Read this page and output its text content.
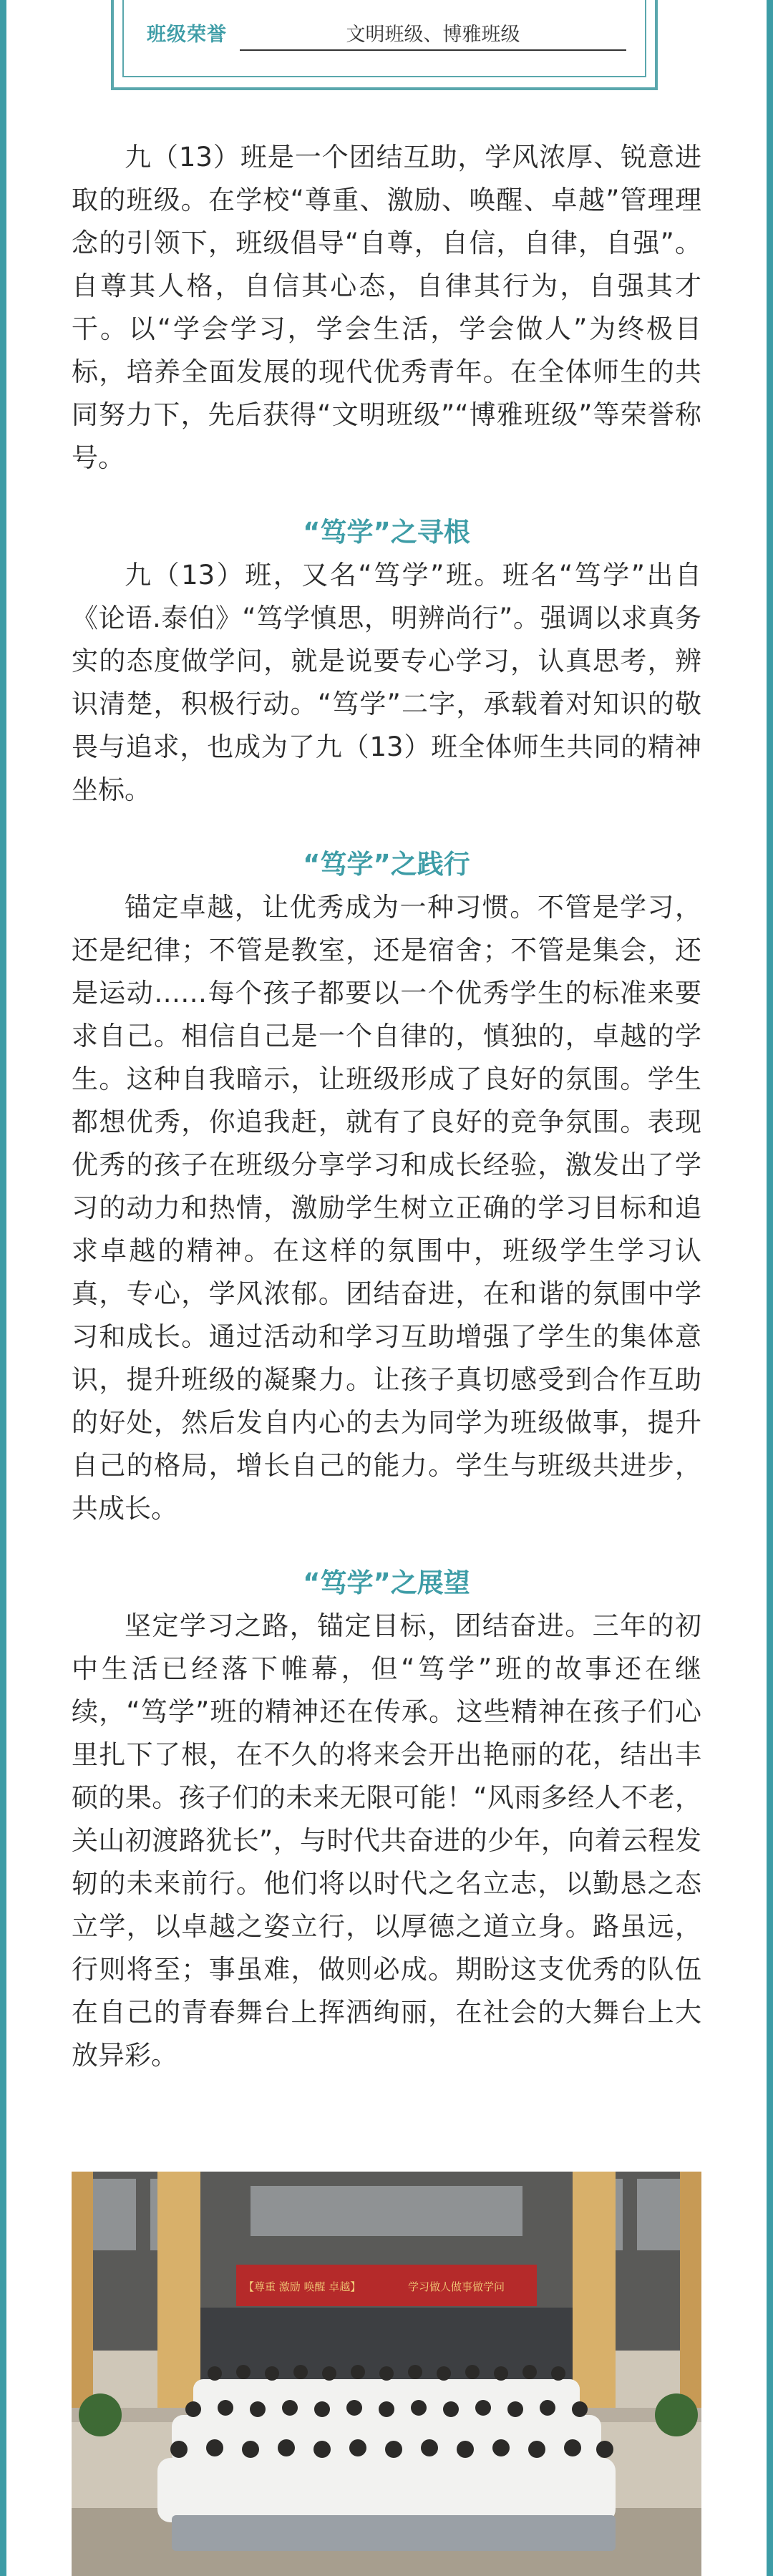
班级荣誉	文明班级、博雅班级

九（13）班是一个团结互助，学风浓厚、锐意进取的班级。在学校“尊重、激励、唤醒、卓越”管理理念的引领下，班级倡导“自尊，自信，自律，自强”。自尊其人格，自信其心态，自律其行为，自强其才干。以“学会学习，学会生活，学会做人”为终极目标，培养全面发展的现代优秀青年。在全体师生的共同努力下，先后获得“文明班级”“博雅班级”等荣誉称号。

“笃学”之寻根

九（13）班，又名“笃学”班。班名“笃学”出自《论语.泰伯》“笃学慎思，明辨尚行”。强调以求真务实的态度做学问，就是说要专心学习，认真思考，辨识清楚，积极行动。“笃学”二字，承载着对知识的敬畏与追求，也成为了九（13）班全体师生共同的精神坐标。

“笃学”之践行

锚定卓越，让优秀成为一种习惯。不管是学习，还是纪律；不管是教室，还是宿舍；不管是集会，还是运动……每个孩子都要以一个优秀学生的标准来要求自己。相信自己是一个自律的，慎独的，卓越的学生。这种自我暗示，让班级形成了良好的氛围。学生都想优秀，你追我赶，就有了良好的竞争氛围。表现优秀的孩子在班级分享学习和成长经验，激发出了学习的动力和热情，激励学生树立正确的学习目标和追求卓越的精神。在这样的氛围中，班级学生学习认真，专心，学风浓郁。团结奋进，在和谐的氛围中学习和成长。通过活动和学习互助增强了学生的集体意识，提升班级的凝聚力。让孩子真切感受到合作互助的好处，然后发自内心的去为同学为班级做事，提升自己的格局，增长自己的能力。学生与班级共进步，共成长。

“笃学”之展望

坚定学习之路，锚定目标，团结奋进。三年的初中生活已经落下帷幕，但“笃学”班的故事还在继续，“笃学”班的精神还在传承。这些精神在孩子们心里扎下了根，在不久的将来会开出艳丽的花，结出丰硕的果。孩子们的未来无限可能！“风雨多经人不老，关山初渡路犹长”，与时代共奋进的少年，向着云程发轫的未来前行。他们将以时代之名立志，以勤恳之态立学，以卓越之姿立行，以厚德之道立身。路虽远，行则将至；事虽难，做则必成。期盼这支优秀的队伍在自己的青春舞台上挥洒绚丽，在社会的大舞台上大放异彩。

【尊重 激励 唤醒 卓越】	学习做人做事做学问
